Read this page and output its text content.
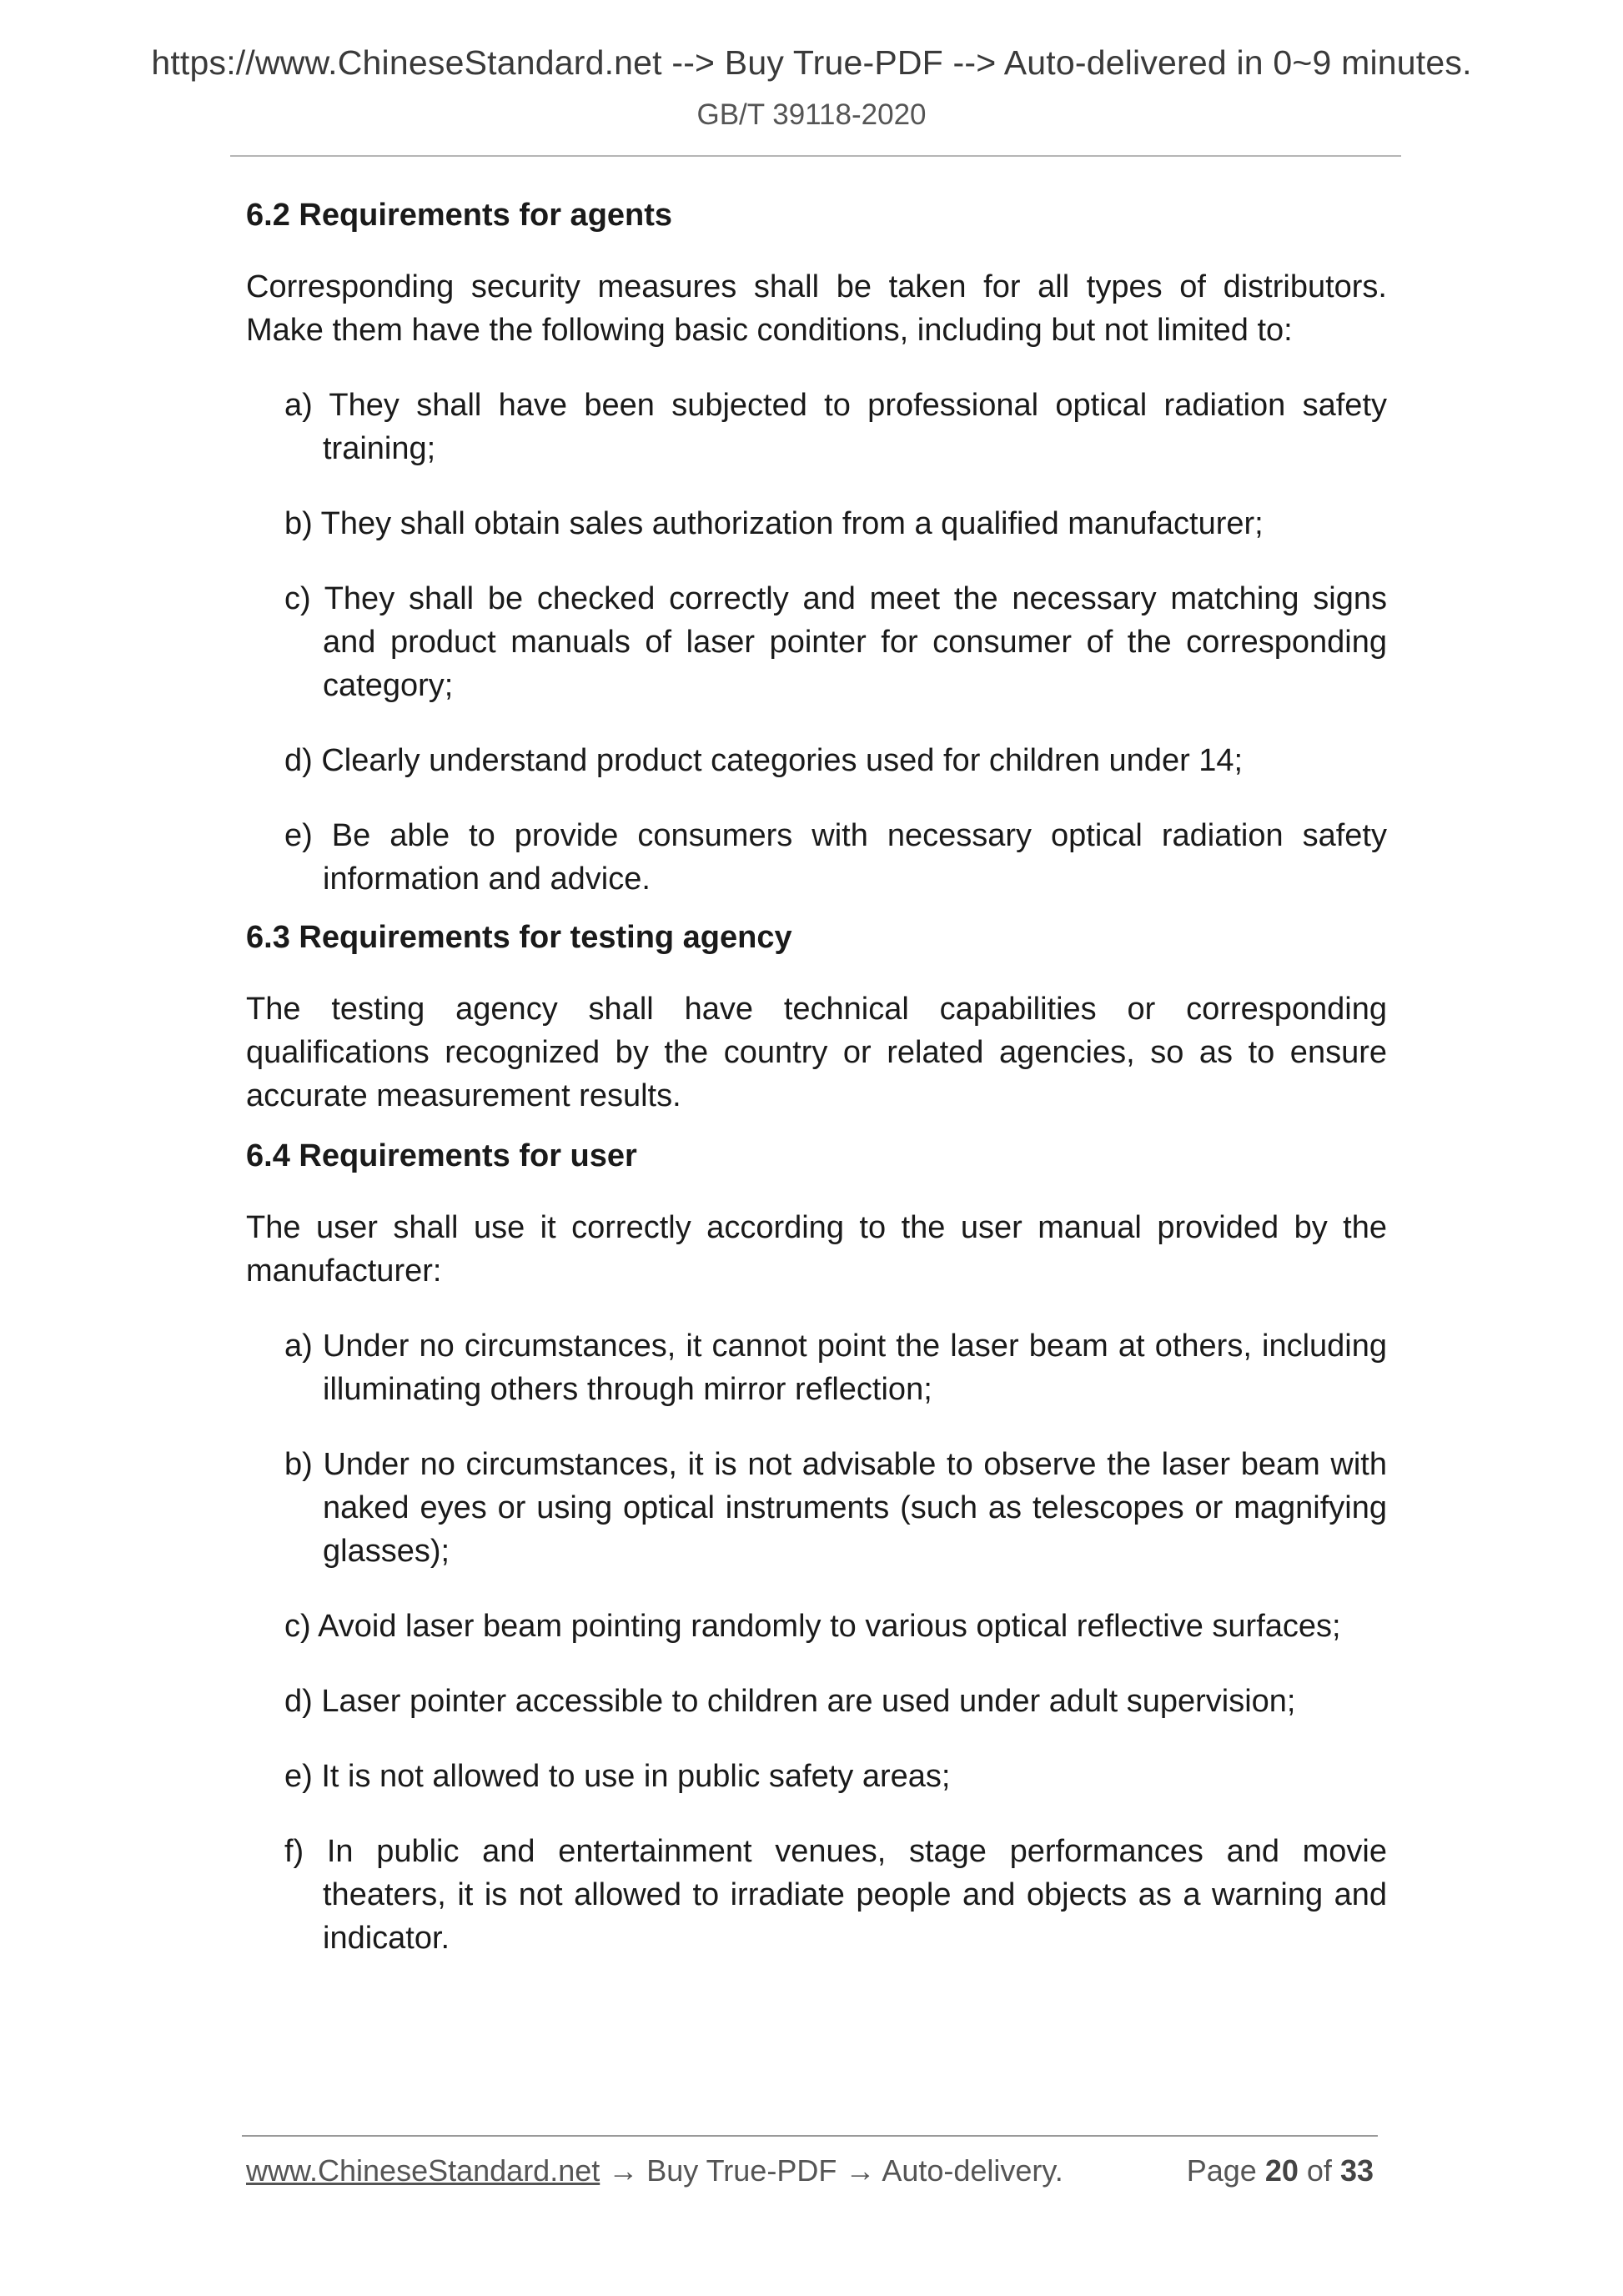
https://www.ChineseStandard.net --> Buy True-PDF --> Auto-delivered in 0~9 minutes.
GB/T 39118-2020
6.2 Requirements for agents

Corresponding security measures shall be taken for all types of distributors. Make them have the following basic conditions, including but not limited to:

a) They shall have been subjected to professional optical radiation safety training;

b) They shall obtain sales authorization from a qualified manufacturer;

c) They shall be checked correctly and meet the necessary matching signs and product manuals of laser pointer for consumer of the corresponding category;

d) Clearly understand product categories used for children under 14;

e) Be able to provide consumers with necessary optical radiation safety information and advice.

6.3 Requirements for testing agency

The testing agency shall have technical capabilities or corresponding qualifications recognized by the country or related agencies, so as to ensure accurate measurement results.

6.4 Requirements for user

The user shall use it correctly according to the user manual provided by the manufacturer:

a) Under no circumstances, it cannot point the laser beam at others, including illuminating others through mirror reflection;

b) Under no circumstances, it is not advisable to observe the laser beam with naked eyes or using optical instruments (such as telescopes or magnifying glasses);

c) Avoid laser beam pointing randomly to various optical reflective surfaces;

d) Laser pointer accessible to children are used under adult supervision;

e) It is not allowed to use in public safety areas;

f) In public and entertainment venues, stage performances and movie theaters, it is not allowed to irradiate people and objects as a warning and indicator.

www.ChineseStandard.net → Buy True-PDF → Auto-delivery.	Page 20 of 33
